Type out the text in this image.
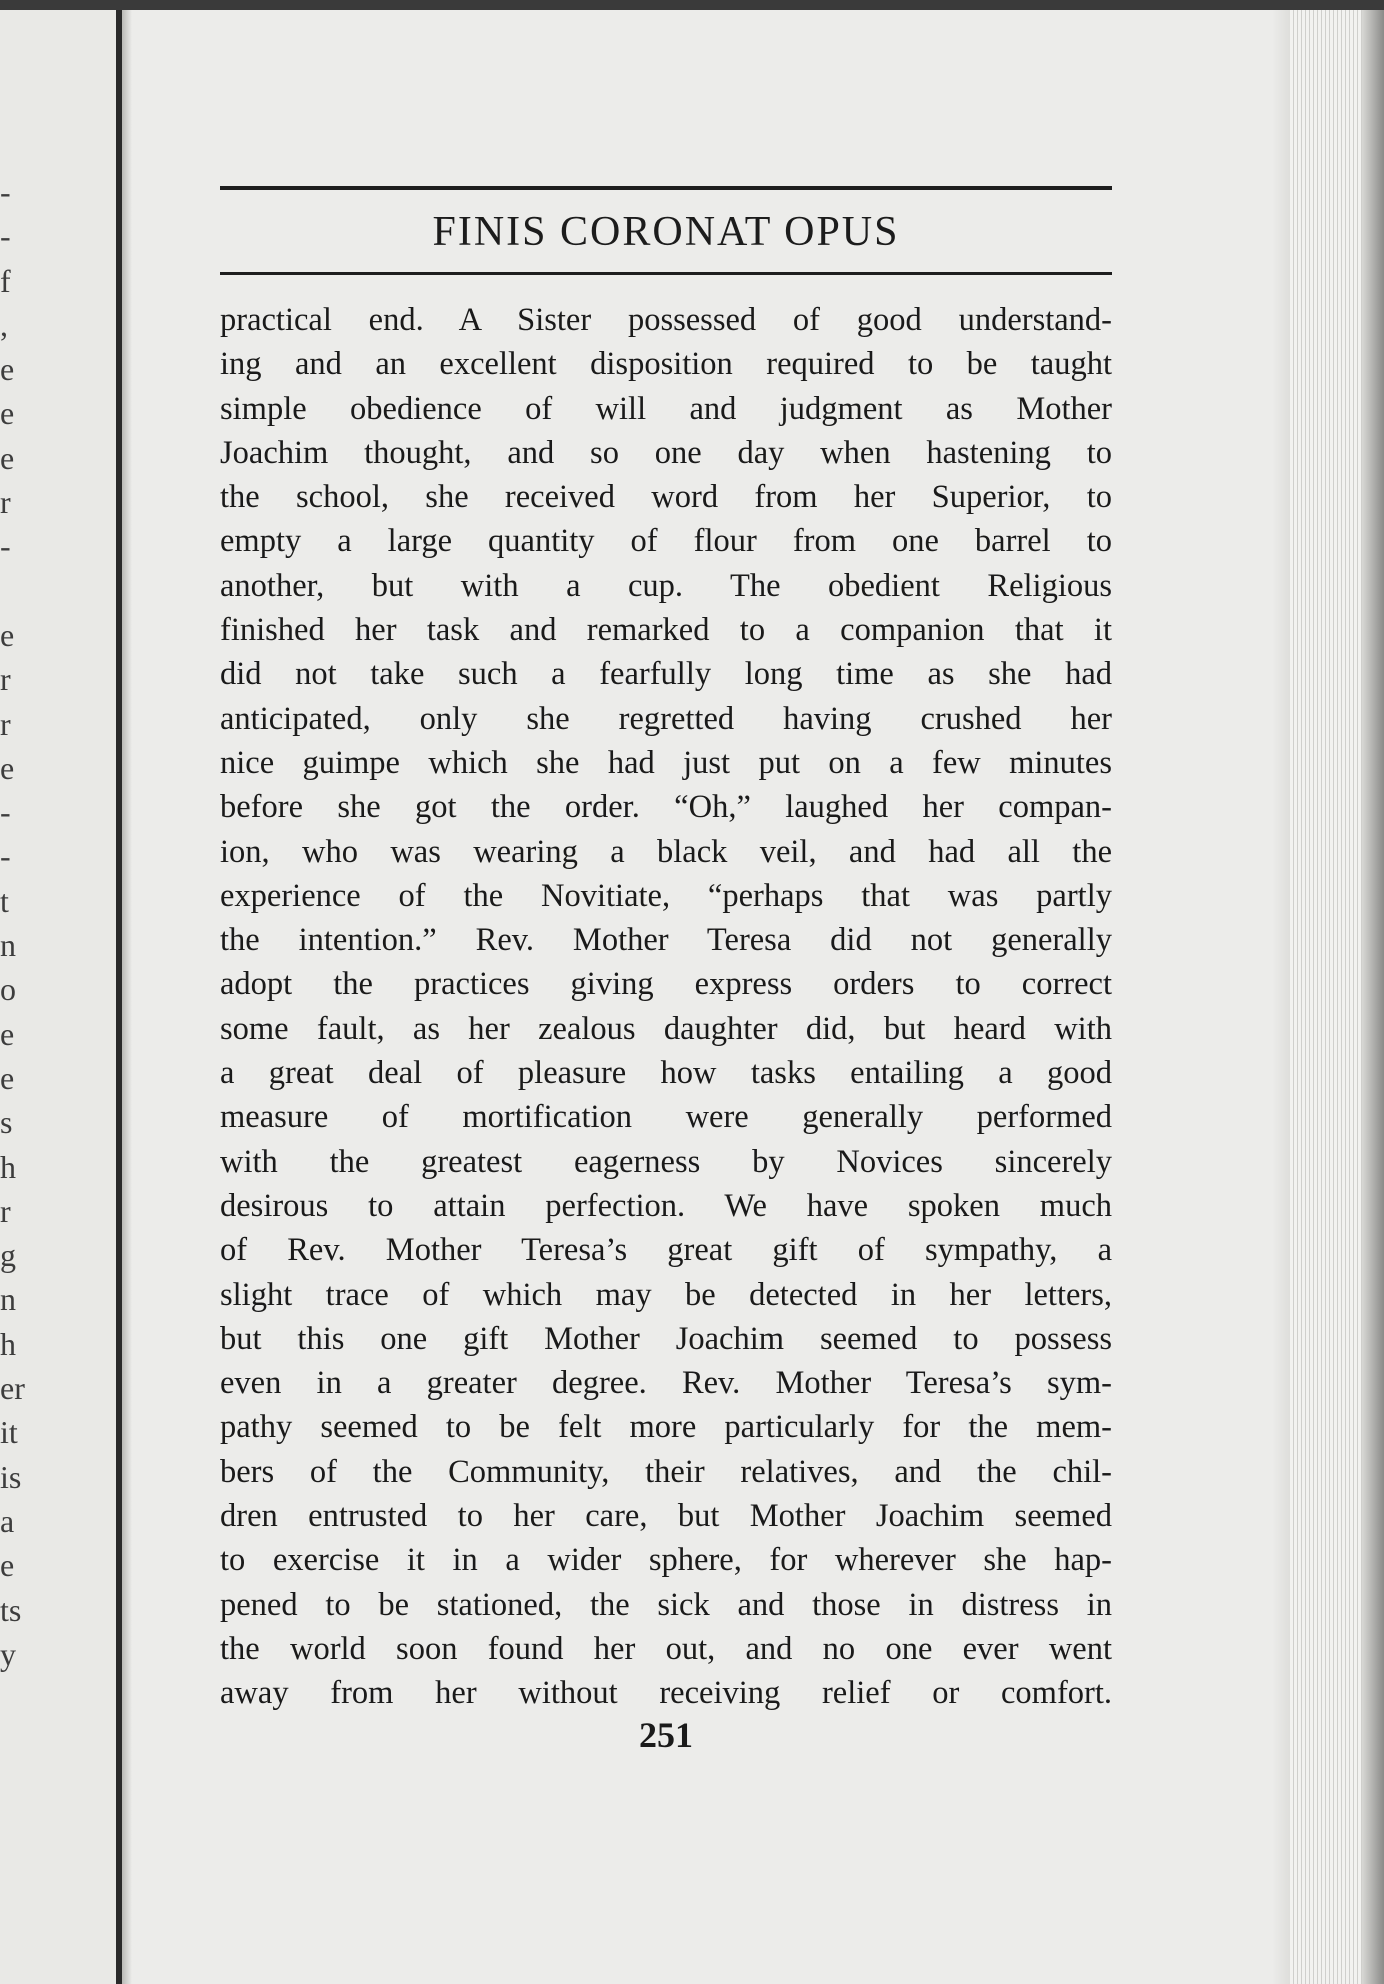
-
-
f
,
e
e
e
r
-
e
r
r
e
-
-
t
n
o
e
e
s
h
r
g
n
h
er
it
is
a
e
ts
y
FINIS CORONAT OPUS
practical end. A Sister possessed of good understand-
ing and an excellent disposition required to be taught
simple obedience of will and judgment as Mother
Joachim thought, and so one day when hastening to
the school, she received word from her Superior, to
empty a large quantity of flour from one barrel to
another, but with a cup. The obedient Religious
finished her task and remarked to a companion that it
did not take such a fearfully long time as she had
anticipated, only she regretted having crushed her
nice guimpe which she had just put on a few minutes
before she got the order. “Oh,” laughed her compan-
ion, who was wearing a black veil, and had all the
experience of the Novitiate, “perhaps that was partly
the intention.” Rev. Mother Teresa did not generally
adopt the practices giving express orders to correct
some fault, as her zealous daughter did, but heard with
a great deal of pleasure how tasks entailing a good
measure of mortification were generally performed
with the greatest eagerness by Novices sincerely
desirous to attain perfection. We have spoken much
of Rev. Mother Teresa’s great gift of sympathy, a
slight trace of which may be detected in her letters,
but this one gift Mother Joachim seemed to possess
even in a greater degree. Rev. Mother Teresa’s sym-
pathy seemed to be felt more particularly for the mem-
bers of the Community, their relatives, and the chil-
dren entrusted to her care, but Mother Joachim seemed
to exercise it in a wider sphere, for wherever she hap-
pened to be stationed, the sick and those in distress in
the world soon found her out, and no one ever went
away from her without receiving relief or comfort.
251
